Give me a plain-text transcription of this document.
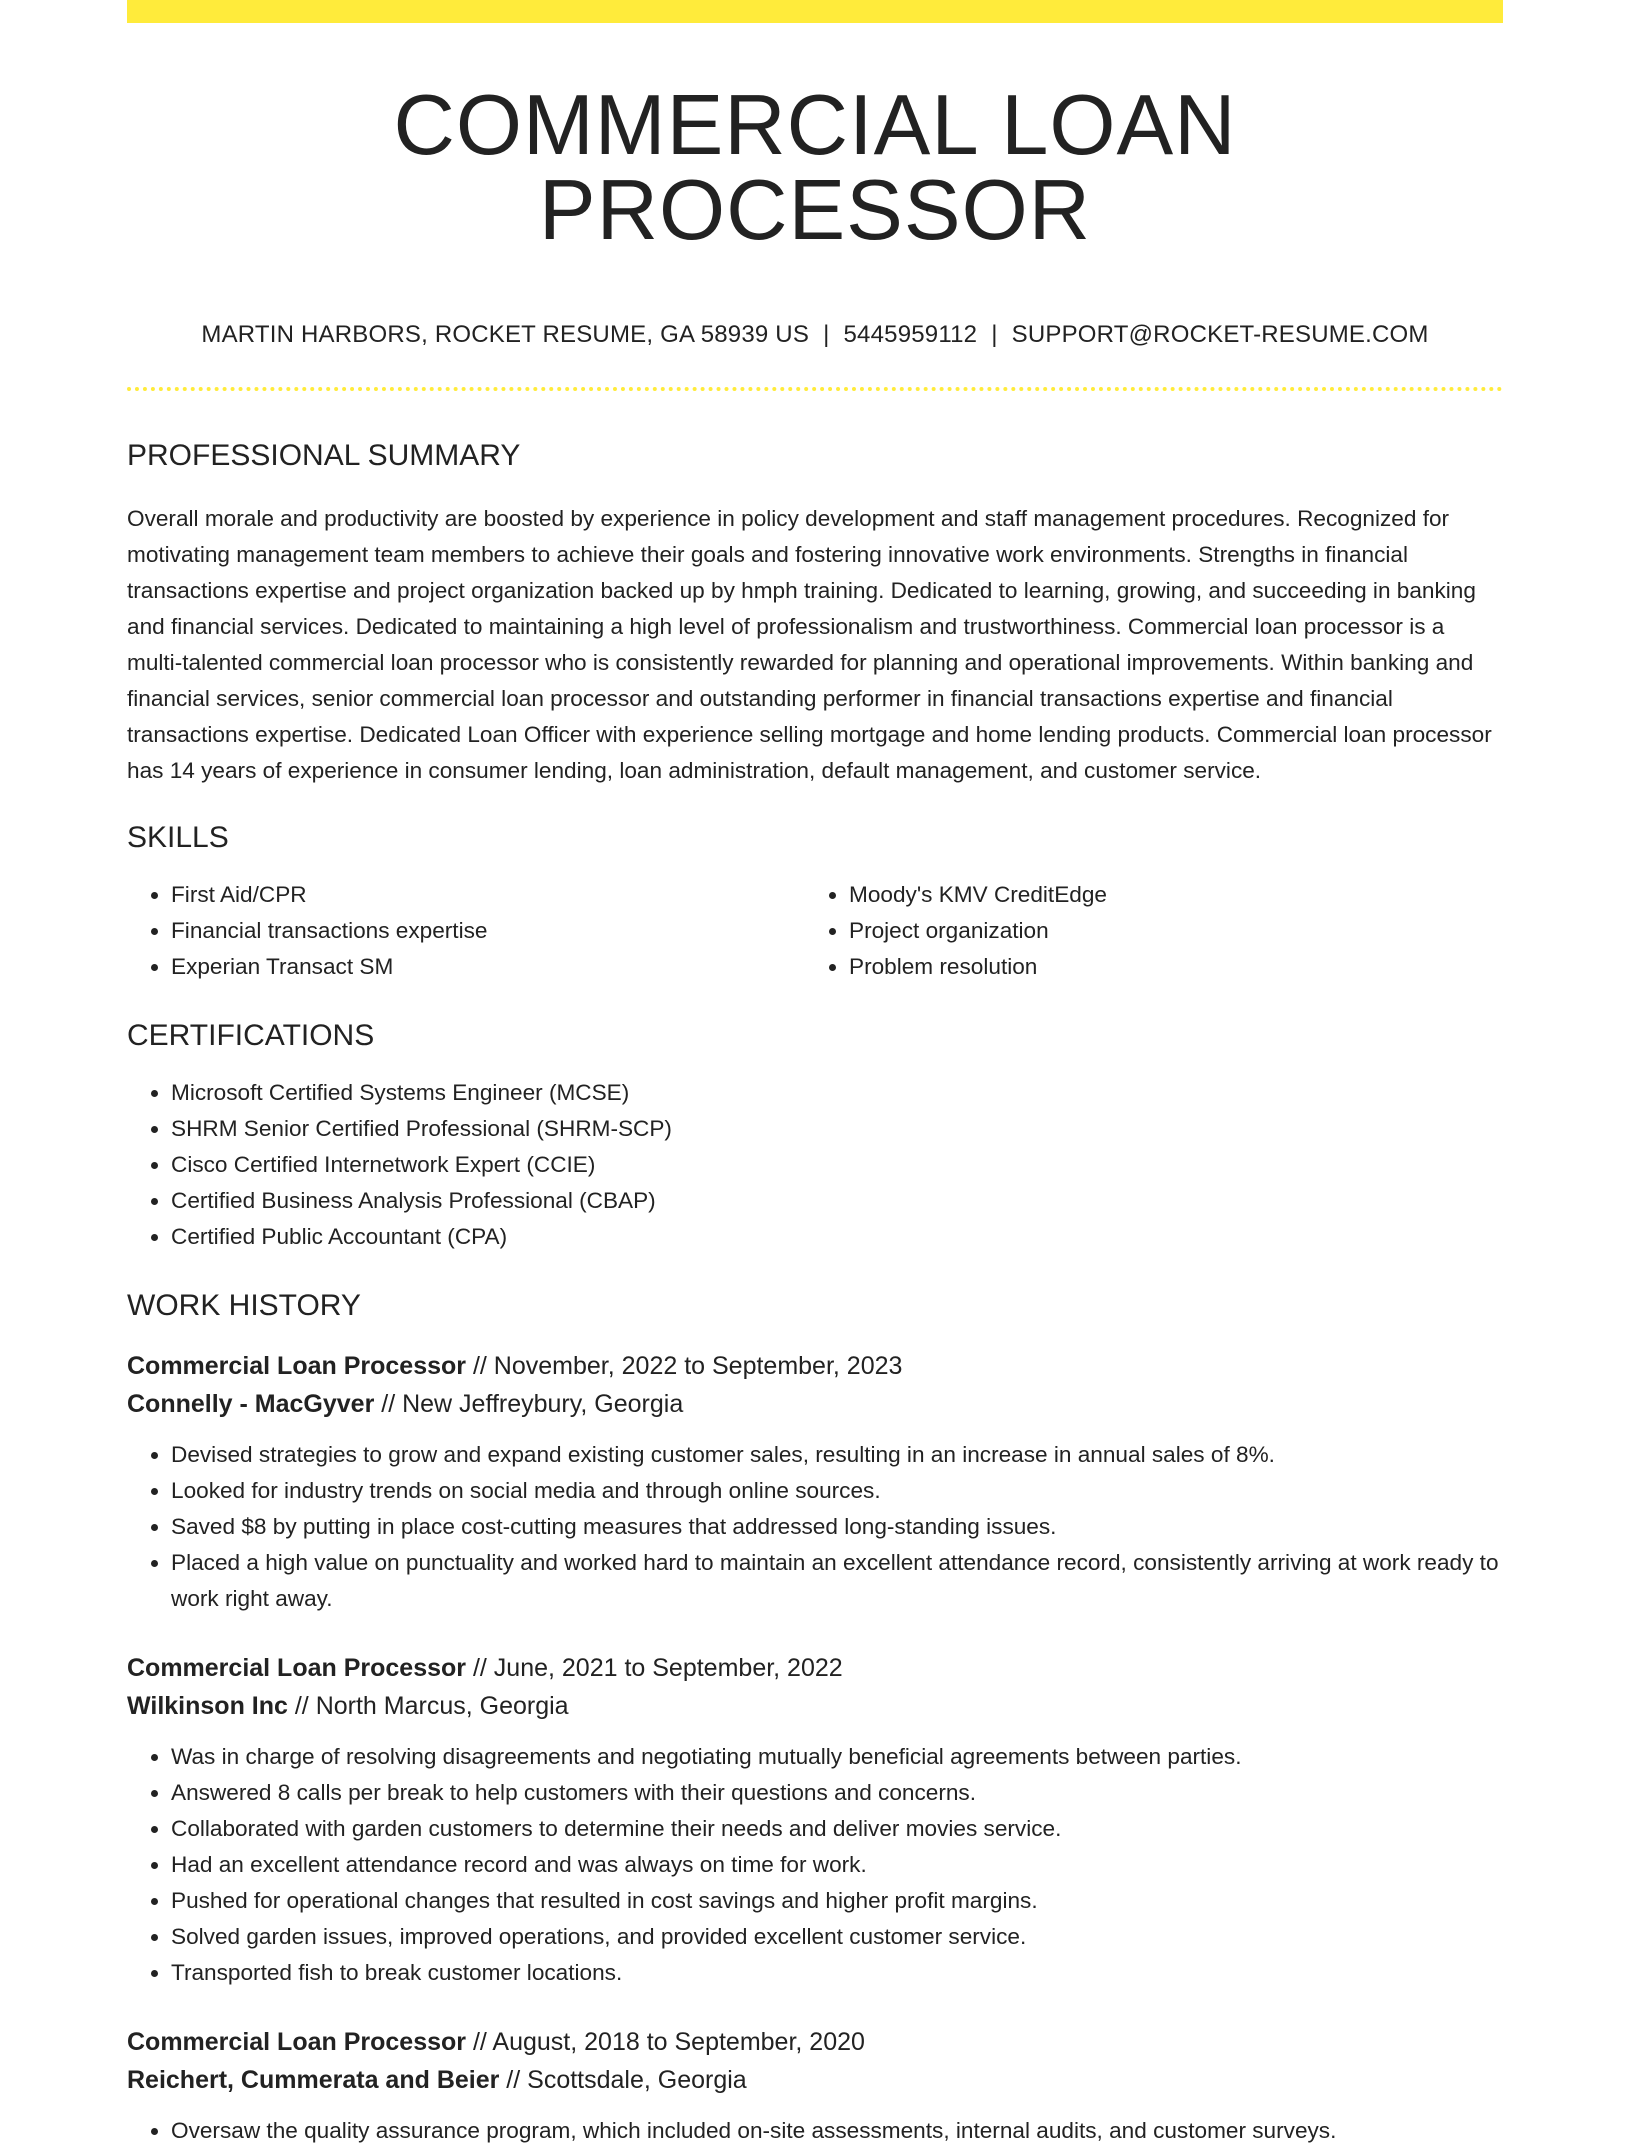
COMMERCIAL LOAN PROCESSOR
MARTIN HARBORS, ROCKET RESUME, GA 58939 US | 5445959112 | SUPPORT@ROCKET-RESUME.COM
PROFESSIONAL SUMMARY
Overall morale and productivity are boosted by experience in policy development and staff management procedures. Recognized for motivating management team members to achieve their goals and fostering innovative work environments. Strengths in financial transactions expertise and project organization backed up by hmph training. Dedicated to learning, growing, and succeeding in banking and financial services. Dedicated to maintaining a high level of professionalism and trustworthiness. Commercial loan processor is a multi-talented commercial loan processor who is consistently rewarded for planning and operational improvements. Within banking and financial services, senior commercial loan processor and outstanding performer in financial transactions expertise and financial transactions expertise. Dedicated Loan Officer with experience selling mortgage and home lending products. Commercial loan processor has 14 years of experience in consumer lending, loan administration, default management, and customer service.
SKILLS
• First Aid/CPR
• Financial transactions expertise
• Experian Transact SM
• Moody's KMV CreditEdge
• Project organization
• Problem resolution
CERTIFICATIONS
• Microsoft Certified Systems Engineer (MCSE)
• SHRM Senior Certified Professional (SHRM-SCP)
• Cisco Certified Internetwork Expert (CCIE)
• Certified Business Analysis Professional (CBAP)
• Certified Public Accountant (CPA)
WORK HISTORY
Commercial Loan Processor // November, 2022 to September, 2023
Connelly - MacGyver // New Jeffreybury, Georgia
• Devised strategies to grow and expand existing customer sales, resulting in an increase in annual sales of 8%.
• Looked for industry trends on social media and through online sources.
• Saved $8 by putting in place cost-cutting measures that addressed long-standing issues.
• Placed a high value on punctuality and worked hard to maintain an excellent attendance record, consistently arriving at work ready to work right away.
Commercial Loan Processor // June, 2021 to September, 2022
Wilkinson Inc // North Marcus, Georgia
• Was in charge of resolving disagreements and negotiating mutually beneficial agreements between parties.
• Answered 8 calls per break to help customers with their questions and concerns.
• Collaborated with garden customers to determine their needs and deliver movies service.
• Had an excellent attendance record and was always on time for work.
• Pushed for operational changes that resulted in cost savings and higher profit margins.
• Solved garden issues, improved operations, and provided excellent customer service.
• Transported fish to break customer locations.
Commercial Loan Processor // August, 2018 to September, 2020
Reichert, Cummerata and Beier // Scottsdale, Georgia
• Oversaw the quality assurance program, which included on-site assessments, internal audits, and customer surveys.
